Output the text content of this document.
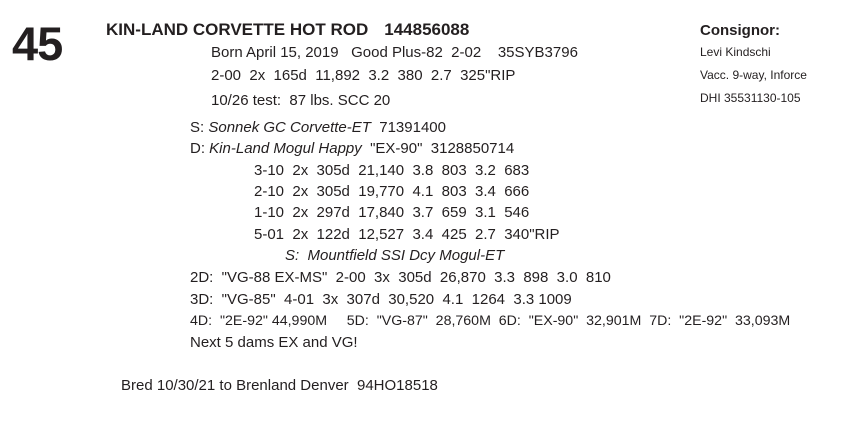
45	KIN-LAND CORVETTE HOT ROD 144856088
Born April 15, 2019   Good Plus-82  2-02    35SYB3796
2-00  2x  165d  11,892  3.2  380  2.7  325"RIP
10/26 test:  87 lbs. SCC 20
Consignor:
Levi Kindschi
Vacc. 9-way, Inforce
DHI 35531130-105
S: Sonnek GC Corvette-ET  71391400
D: Kin-Land Mogul Happy  "EX-90"  3128850714
3-10  2x  305d  21,140  3.8  803  3.2  683
2-10  2x  305d  19,770  4.1  803  3.4  666
1-10  2x  297d  17,840  3.7  659  3.1  546
5-01  2x  122d  12,527  3.4  425  2.7  340"RIP
S:  Mountfield SSI Dcy Mogul-ET
2D:  "VG-88 EX-MS"  2-00  3x  305d  26,870  3.3  898  3.0  810
3D:  "VG-85"  4-01  3x  307d  30,520  4.1  1264  3.3 1009
4D:  "2E-92" 44,990M     5D:  "VG-87"  28,760M  6D:  "EX-90"  32,901M  7D:  "2E-92"  33,093M
Next 5 dams EX and VG!
Bred 10/30/21 to Brenland Denver  94HO18518
